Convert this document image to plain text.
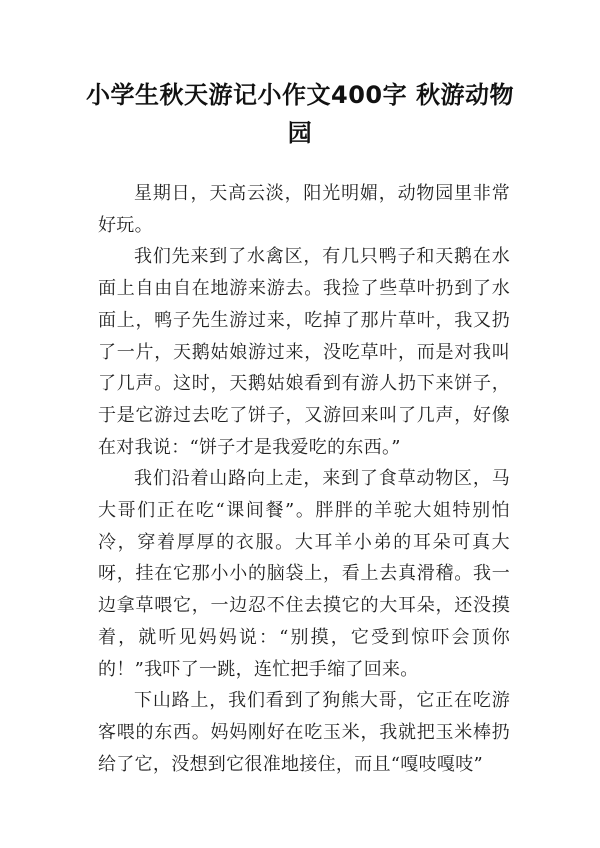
小学生秋天游记小作文400字 秋游动物园

星期日，天高云淡，阳光明媚，动物园里非常好玩。

我们先来到了水禽区，有几只鸭子和天鹅在水面上自由自在地游来游去。我捡了些草叶扔到了水面上，鸭子先生游过来，吃掉了那片草叶，我又扔了一片，天鹅姑娘游过来，没吃草叶，而是对我叫了几声。这时，天鹅姑娘看到有游人扔下来饼子，于是它游过去吃了饼子，又游回来叫了几声，好像在对我说：“饼子才是我爱吃的东西。”

我们沿着山路向上走，来到了食草动物区，马大哥们正在吃“课间餐”。胖胖的羊驼大姐特别怕冷，穿着厚厚的衣服。大耳羊小弟的耳朵可真大呀，挂在它那小小的脑袋上，看上去真滑稽。我一边拿草喂它，一边忍不住去摸它的大耳朵，还没摸着，就听见妈妈说：“别摸，它受到惊吓会顶你的！”我吓了一跳，连忙把手缩了回来。

下山路上，我们看到了狗熊大哥，它正在吃游客喂的东西。妈妈刚好在吃玉米，我就把玉米棒扔给了它，没想到它很准地接住，而且“嘎吱嘎吱”
